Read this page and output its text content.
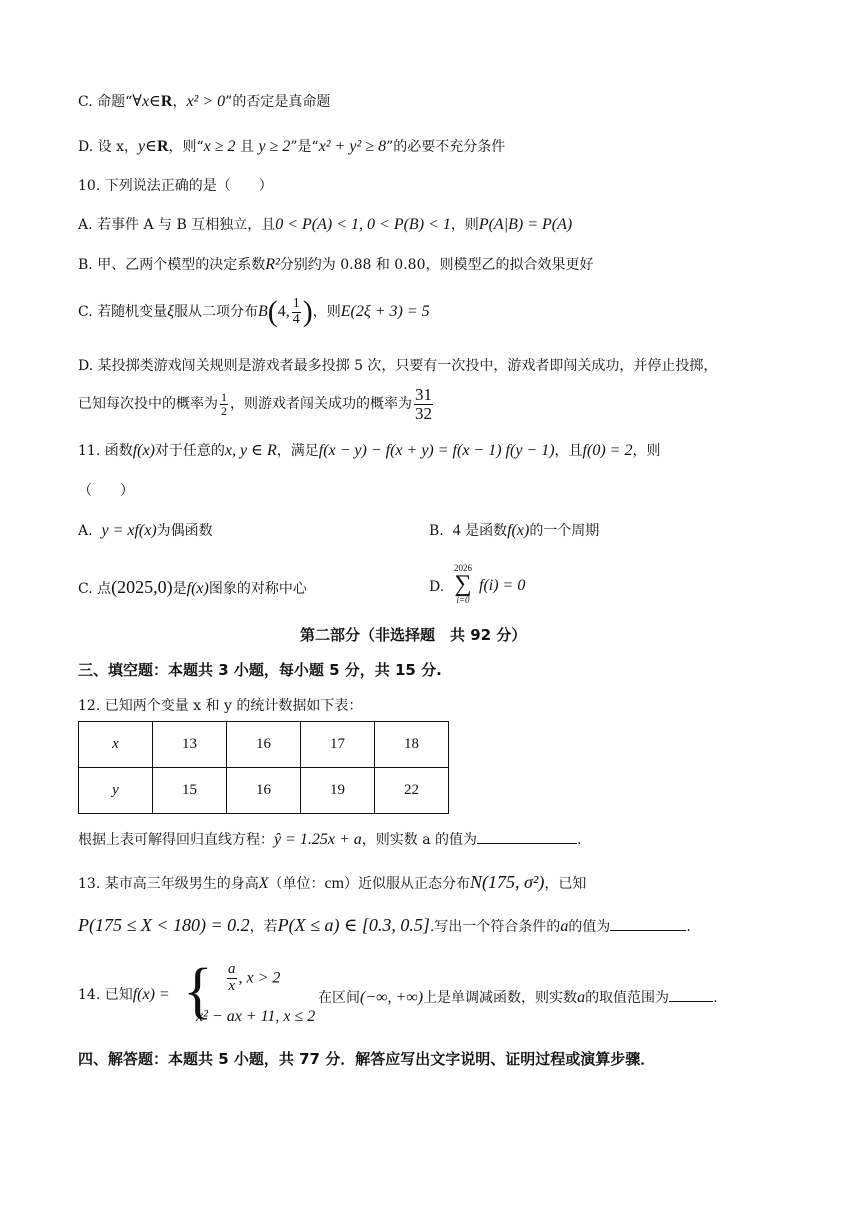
C. 命题“∀x∈R，x² > 0”的否定是真命题
D. 设 x，y∈R，则“x ≥ 2 且 y ≥ 2”是“x² + y² ≥ 8”的必要不充分条件
10. 下列说法正确的是（　　）
A. 若事件 A 与 B 互相独立，且0 < P(A) < 1, 0 < P(B) < 1，则P(A|B) = P(A)
B. 甲、乙两个模型的决定系数R²分别约为 0.88 和 0.80，则模型乙的拟合效果更好
C. 若随机变量ξ服从二项分布B(4, $\frac{1}{4}$ )，则E(2ξ + 3) = 5
D. 某投掷类游戏闯关规则是游戏者最多投掷 5 次，只要有一次投中，游戏者即闯关成功，并停止投掷，
已知每次投中的概率为 $\frac{1}{2}$ ，则游戏者闯关成功的概率为 $\frac{31}{32}$
11. 函数f(x)对于任意的x, y ∈ R，满足f(x − y) − f(x + y) = f(x − 1) f(y − 1)，且f(0) = 2，则
（　　）
A. y = xf(x)为偶函数	B. 4 是函数f(x)的一个周期
C. 点(2025,0)是f(x)图象的对称中心	D.
2026
∑
i=0
f(i) = 0
第二部分（非选择题　共 92 分）
三、填空题：本题共 3 小题，每小题 5 分，共 15 分.
12. 已知两个变量 x 和 y 的统计数据如下表：
x	13	16	17	18
y	15	16	19	22
根据上表可解得回归直线方程：ŷ = 1.25x + a，则实数 a 的值为	.
13. 某市高三年级男生的身高X（单位：cm）近似服从正态分布N(175, σ²)，已知
P(175 ≤ X < 180) = 0.2，若P(X ≤ a) ∈ [0.3, 0.5].写出一个符合条件的a的值为	.
14. 已知f(x) = { $\frac{a}{x}$ , x > 2
x² − ax + 11, x ≤ 2
在区间(−∞, +∞)上是单调减函数，则实数a的取值范围为	.
四、解答题：本题共 5 小题，共 77 分．解答应写出文字说明、证明过程或演算步骤．
